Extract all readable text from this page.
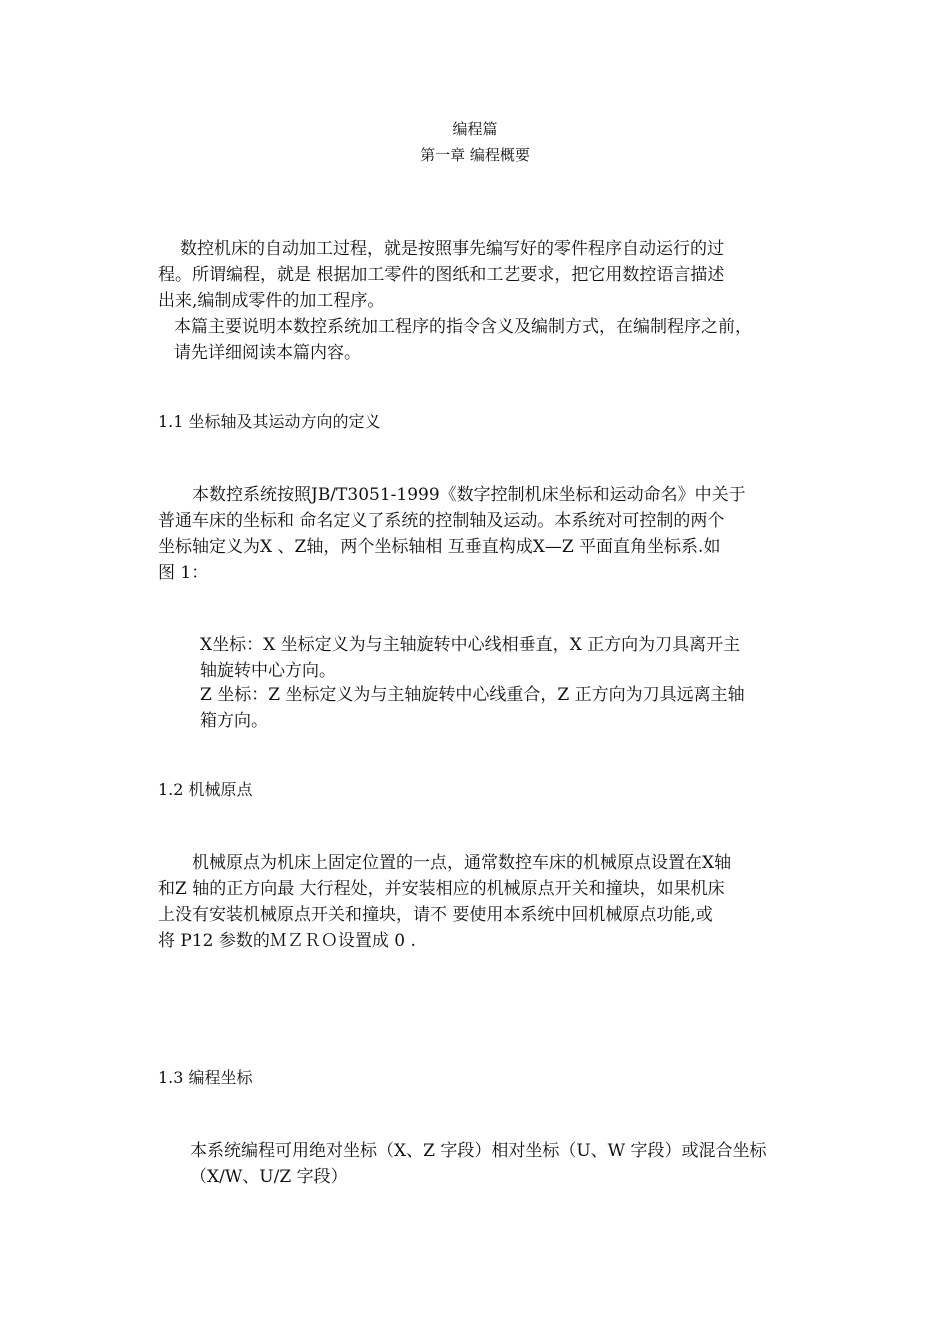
编程篇

第一章 编程概要

数控机床的自动加工过程，就是按照事先编写好的零件程序自动运行的过
程。所谓编程，就是 根据加工零件的图纸和工艺要求，把它用数控语言描述
出来,编制成零件的加工程序。
本篇主要说明本数控系统加工程序的指令含义及编制方式，在编制程序之前，
请先详细阅读本篇内容。

1.1 坐标轴及其运动方向的定义

本数控系统按照JB/T3051-1999《数字控制机床坐标和运动命名》中关于
普通车床的坐标和 命名定义了系统的控制轴及运动。本系统对可控制的两个
坐标轴定义为X 、Z轴，两个坐标轴相 互垂直构成X—Z 平面直角坐标系.如
图 1：
X坐标：X 坐标定义为与主轴旋转中心线相垂直，X 正方向为刀具离开主
轴旋转中心方向。
Z 坐标：Z 坐标定义为与主轴旋转中心线重合，Z 正方向为刀具远离主轴
箱方向。

1.2 机械原点

机械原点为机床上固定位置的一点，通常数控车床的机械原点设置在X轴
和Z 轴的正方向最 大行程处，并安装相应的机械原点开关和撞块，如果机床
上没有安装机械原点开关和撞块，请不 要使用本系统中回机械原点功能,或
将 P12 参数的ＭＺＲＯ设置成 0 .

1.3 编程坐标

本系统编程可用绝对坐标（X、Z 字段）相对坐标（U、W 字段）或混合坐标
（X/W、U/Z 字段）
